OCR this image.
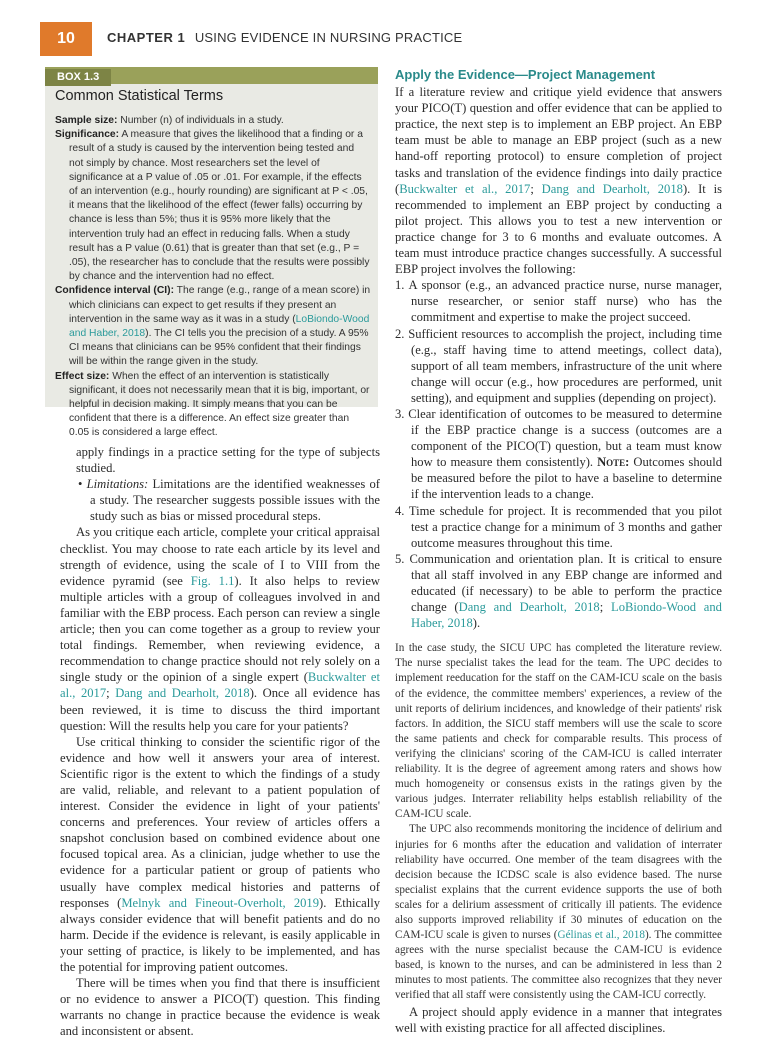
10	CHAPTER 1 USING EVIDENCE IN NURSING PRACTICE
BOX 1.3
Common Statistical Terms
Sample size: Number (n) of individuals in a study.
Significance: A measure that gives the likelihood that a finding or a result of a study is caused by the intervention being tested and not simply by chance. Most researchers set the level of significance at a P value of .05 or .01. For example, if the effects of an intervention (e.g., hourly rounding) are significant at P < .05, it means that the likelihood of the effect (fewer falls) occurring by chance is less than 5%; thus it is 95% more likely that the intervention truly had an effect in reducing falls. When a study result has a P value (0.61) that is greater than that set (e.g., P = .05), the researcher has to conclude that the results were possibly by chance and the intervention had no effect.
Confidence interval (CI): The range (e.g., range of a mean score) in which clinicians can expect to get results if they present an intervention in the same way as it was in a study (LoBiondo-Wood and Haber, 2018). The CI tells you the precision of a study. A 95% CI means that clinicians can be 95% confident that their findings will be within the range given in the study.
Effect size: When the effect of an intervention is statistically significant, it does not necessarily mean that it is big, important, or helpful in decision making. It simply means that you can be confident that there is a difference. An effect size greater than 0.05 is considered a large effect.

apply findings in a practice setting for the type of subjects studied.

• Limitations: Limitations are the identified weaknesses of a study. The researcher suggests possible issues with the study such as bias or missed procedural steps.

As you critique each article, complete your critical appraisal checklist. You may choose to rate each article by its level and strength of evidence, using the scale of I to VIII from the evidence pyramid (see Fig. 1.1). It also helps to review multiple articles with a group of colleagues involved in and familiar with the EBP process. Each person can review a single article; then you can come together as a group to review your total findings. Remember, when reviewing evidence, a recommendation to change practice should not rely solely on a single study or the opinion of a single expert (Buckwalter et al., 2017; Dang and Dearholt, 2018). Once all evidence has been reviewed, it is time to discuss the third important question: Will the results help you care for your patients?

Use critical thinking to consider the scientific rigor of the evidence and how well it answers your area of interest. Scientific rigor is the extent to which the findings of a study are valid, reliable, and relevant to a patient population of interest. Consider the evidence in light of your patients' concerns and preferences. Your review of articles offers a snapshot conclusion based on combined evidence about one focused topical area. As a clinician, judge whether to use the evidence for a particular patient or group of patients who usually have complex medical histories and patterns of responses (Melnyk and Fineout-Overholt, 2019). Ethically always consider evidence that will benefit patients and do no harm. Decide if the evidence is relevant, is easily applicable in your setting of practice, is likely to be implemented, and has the potential for improving patient outcomes.

There will be times when you find that there is insufficient or no evidence to answer a PICO(T) question. This finding warrants no change in practice because the evidence is weak and inconsistent or absent.

Apply the Evidence—Project Management

If a literature review and critique yield evidence that answers your PICO(T) question and offer evidence that can be applied to practice, the next step is to implement an EBP project. An EBP team must be able to manage an EBP project (such as a new hand-off reporting protocol) to ensure completion of project tasks and translation of the evidence findings into daily practice (Buckwalter et al., 2017; Dang and Dearholt, 2018). It is recommended to implement an EBP project by conducting a pilot project. This allows you to test a new intervention or practice change for 3 to 6 months and evaluate outcomes. A team must introduce practice changes successfully. A successful EBP project involves the following:

1. A sponsor (e.g., an advanced practice nurse, nurse manager, nurse researcher, or senior staff nurse) who has the commitment and expertise to make the project succeed.
2. Sufficient resources to accomplish the project, including time (e.g., staff having time to attend meetings, collect data), support of all team members, infrastructure of the unit where change will occur (e.g., how procedures are performed, unit setting), and equipment and supplies (depending on project).
3. Clear identification of outcomes to be measured to determine if the EBP practice change is a success (outcomes are a component of the PICO(T) question, but a team must know how to measure them consistently). Note: Outcomes should be measured before the pilot to have a baseline to determine if the intervention leads to a change.
4. Time schedule for project. It is recommended that you pilot test a practice change for a minimum of 3 months and gather outcome measures throughout this time.
5. Communication and orientation plan. It is critical to ensure that all staff involved in any EBP change are informed and educated (if necessary) to be able to perform the practice change (Dang and Dearholt, 2018; LoBiondo-Wood and Haber, 2018).

In the case study, the SICU UPC has completed the literature review. The nurse specialist takes the lead for the team. The UPC decides to implement reeducation for the staff on the CAM-ICU scale on the basis of the evidence, the committee members' experiences, a review of the unit reports of delirium incidences, and knowledge of their patients' risk factors. In addition, the SICU staff members will use the scale to score the same patients and check for comparable results. This process of verifying the clinicians' scoring of the CAM-ICU is called interrater reliability. It is the degree of agreement among raters and shows how much homogeneity or consensus exists in the ratings given by the various judges. Interrater reliability helps establish reliability of the CAM-ICU scale.

The UPC also recommends monitoring the incidence of delirium and injuries for 6 months after the education and validation of interrater reliability have occurred. One member of the team disagrees with the decision because the ICDSC scale is also evidence based. The nurse specialist explains that the current evidence supports the use of both scales for a delirium assessment of critically ill patients. The evidence also supports improved reliability if 30 minutes of education on the CAM-ICU scale is given to nurses (Gélinas et al., 2018). The committee agrees with the nurse specialist because the CAM-ICU is evidence based, is known to the nurses, and can be administered in less than 2 minutes to most patients. The committee also recognizes that they never verified that all staff were consistently using the CAM-ICU correctly.

A project should apply evidence in a manner that integrates well with existing practice for all affected disciplines.
